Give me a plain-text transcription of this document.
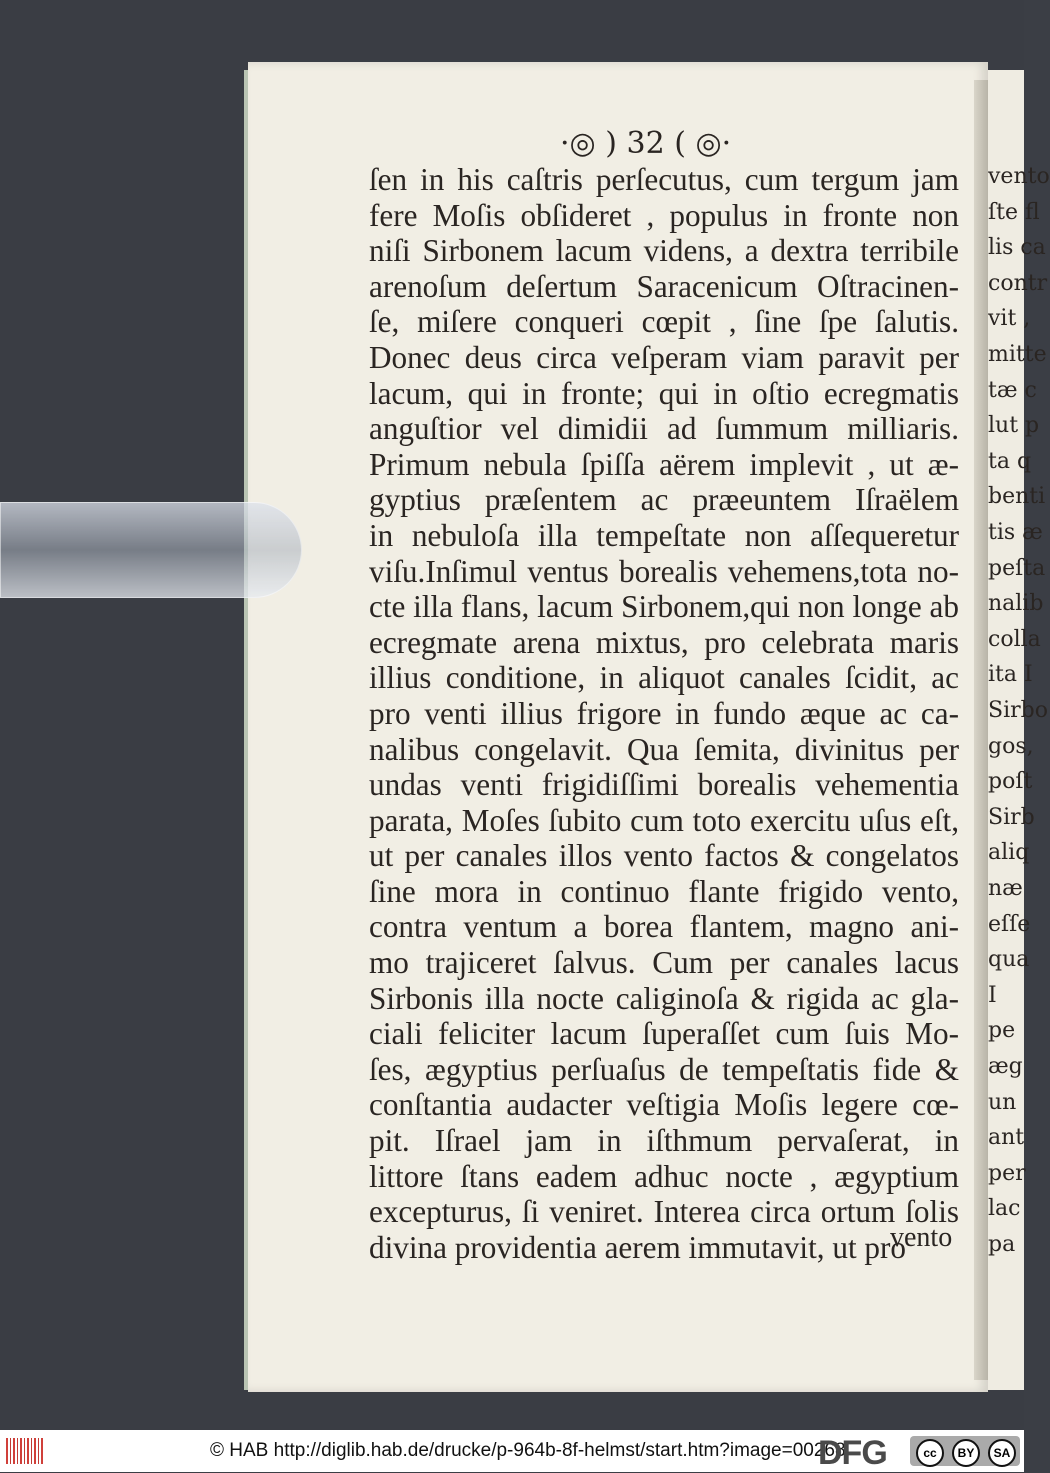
vento
ſte fl
lis ca
contr
vit ,
mitte
tæ c
lut p
ta q
benti
tis æ
peſta
nalib
colla
ita I
Sirbo
gos,
poſt
Sirb
aliq
næ
eſſe
qua
I
pe
æg
un
ant
per
lac
pa
·◎ ) 32 ( ◎·
ſen in his caſtris perſecutus, cum tergum jam
fere Moſis obſideret , populus in fronte non
niſi Sirbonem lacum videns, a dextra terribile
arenoſum deſertum Saracenicum Oſtracinen-
ſe, miſere conqueri cœpit , ſine ſpe ſalutis.
Donec deus circa veſperam viam paravit per
lacum, qui in fronte; qui in oſtio ecregmatis
anguſtior vel dimidii ad ſummum milliaris.
Primum nebula ſpiſſa aërem implevit , ut æ-
gyptius præſentem ac præeuntem Iſraëlem
in nebuloſa illa tempeſtate non aſſequeretur
viſu.Inſimul ventus borealis vehemens,tota no-
cte illa flans, lacum Sirbonem,qui non longe ab
ecregmate arena mixtus, pro celebrata maris
illius conditione, in aliquot canales ſcidit, ac
pro venti illius frigore in fundo æque ac ca-
nalibus congelavit. Qua ſemita, divinitus per
undas venti frigidiſſimi borealis vehementia
parata, Moſes ſubito cum toto exercitu uſus eſt,
ut per canales illos vento factos & congelatos
ſine mora in continuo flante frigido vento,
contra ventum a borea flantem, magno ani-
mo trajiceret ſalvus. Cum per canales lacus
Sirbonis illa nocte caliginoſa & rigida ac gla-
ciali feliciter lacum ſuperaſſet cum ſuis Mo-
ſes, ægyptius perſuaſus de tempeſtatis fide &
conſtantia audacter veſtigia Moſis legere cœ-
pit. Iſrael jam in iſthmum pervaſerat, in
littore ſtans eadem adhuc nocte , ægyptium
excepturus, ſi veniret. Interea circa ortum ſolis
divina providentia aerem immutavit, ut pro
vento
© HAB http://diglib.hab.de/drucke/p-964b-8f-helmst/start.htm?image=00268
DFG	cc	BY	SA
